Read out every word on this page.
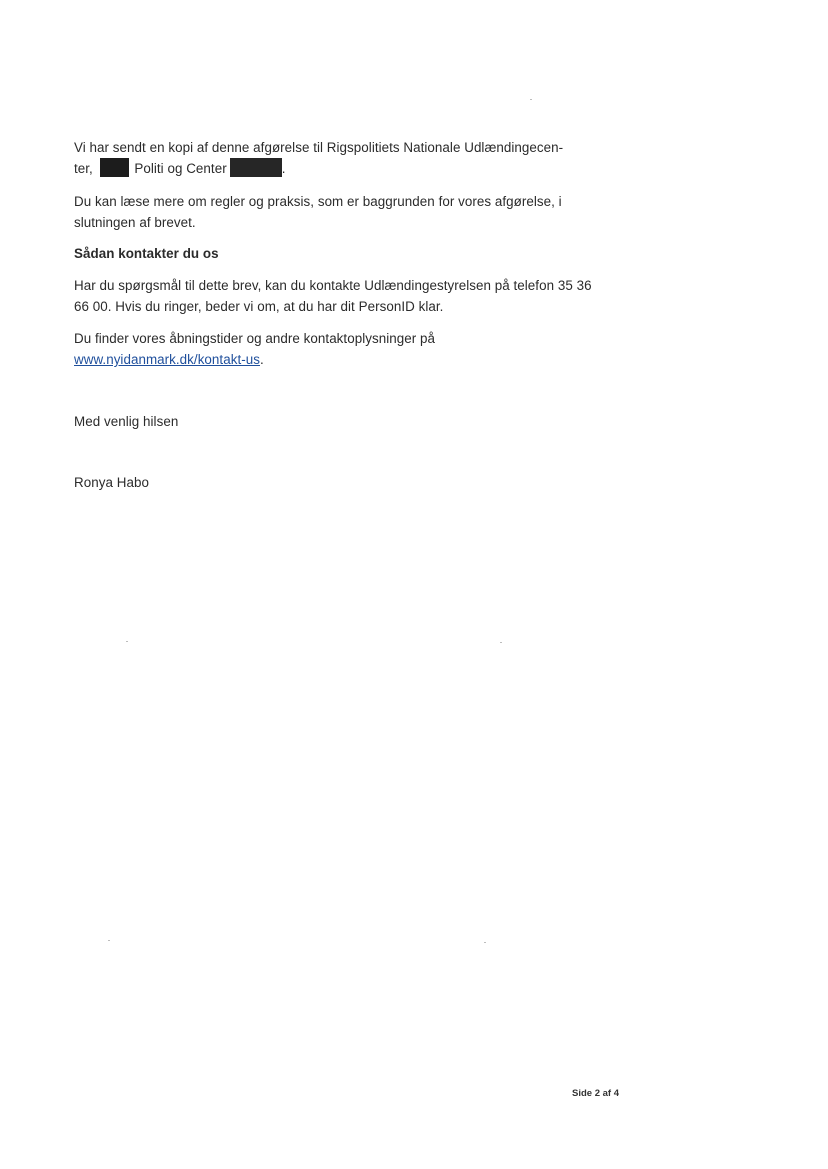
Vi har sendt en kopi af denne afgørelse til Rigspolitiets Nationale Udlændingecen-
ter,	Politi og Center	.
Du kan læse mere om regler og praksis, som er baggrunden for vores afgørelse, i slutningen af brevet.
Sådan kontakter du os
Har du spørgsmål til dette brev, kan du kontakte Udlændingestyrelsen på telefon 35 36 66 00. Hvis du ringer, beder vi om, at du har dit PersonID klar.
Du finder vores åbningstider og andre kontaktoplysninger på
www.nyidanmark.dk/kontakt-us.
Med venlig hilsen
Ronya Habo
Side 2 af 4
